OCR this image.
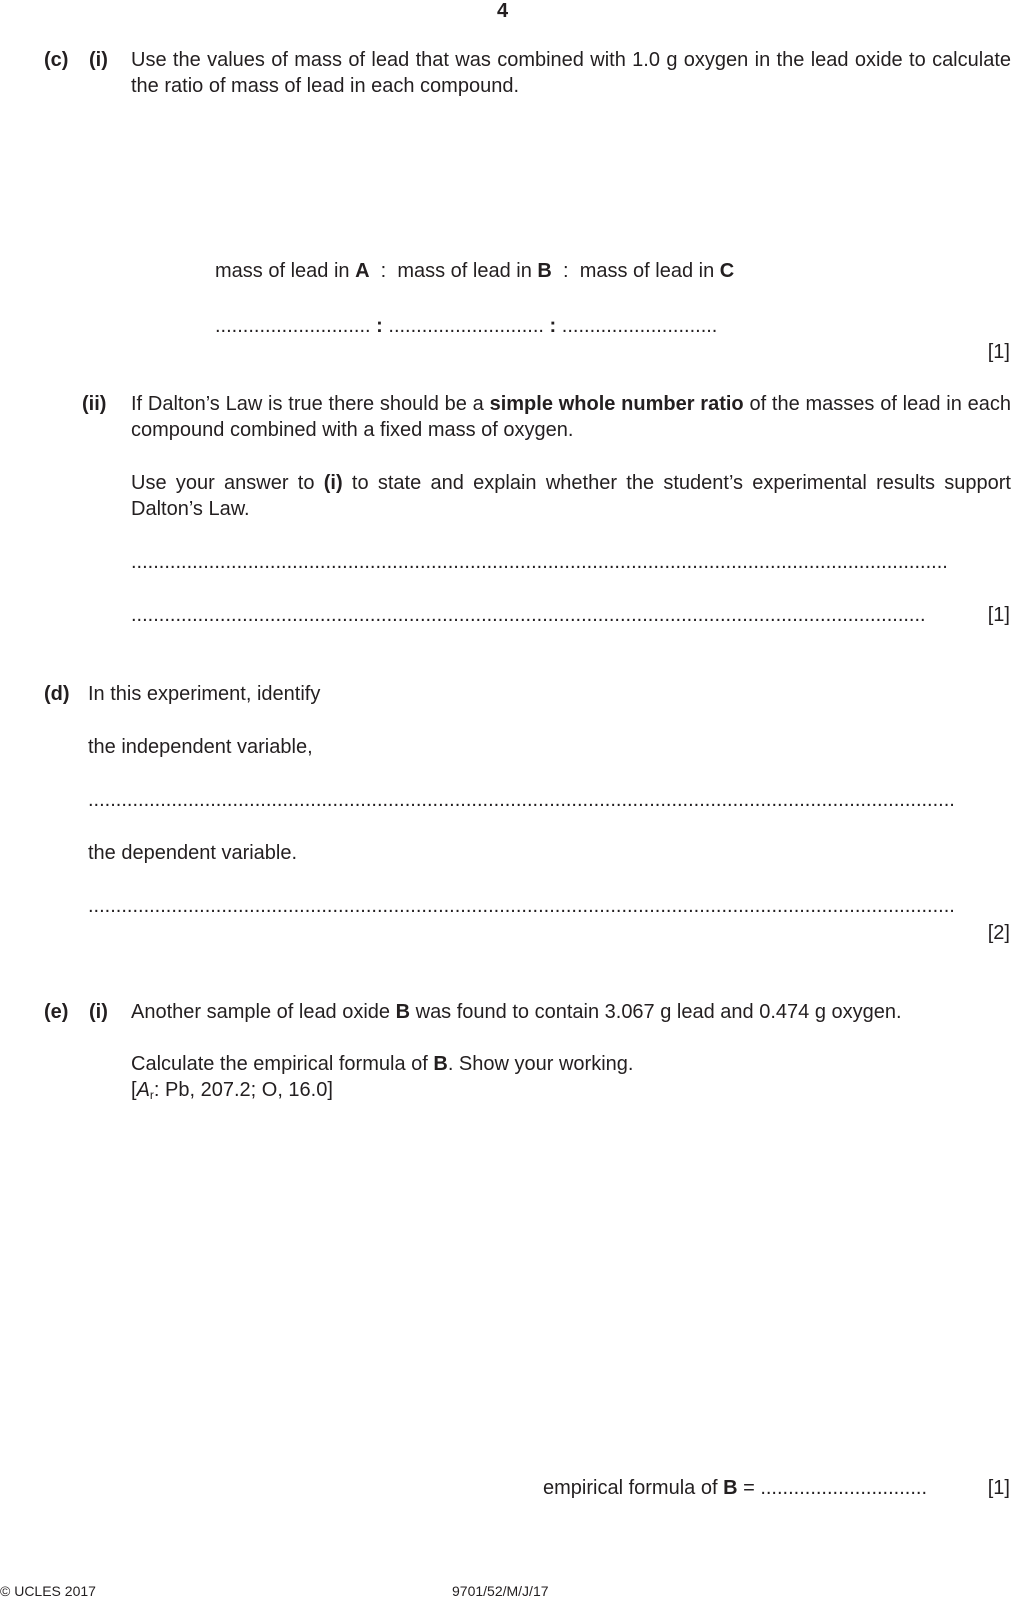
4
(c) (i) Use the values of mass of lead that was combined with 1.0 g oxygen in the lead oxide to calculate the ratio of mass of lead in each compound.
mass of lead in A : mass of lead in B : mass of lead in C
............................ : ............................ : ............................
[1]
(ii) If Dalton’s Law is true there should be a simple whole number ratio of the masses of lead in each compound combined with a fixed mass of oxygen.
Use your answer to (i) to state and explain whether the student’s experimental results support Dalton’s Law.
...................................................................................................................................................
...............................................................................................................................................	[1]
(d) In this experiment, identify
the independent variable,
............................................................................................................................................................
the dependent variable.
............................................................................................................................................................
[2]
(e) (i) Another sample of lead oxide B was found to contain 3.067 g lead and 0.474 g oxygen.
Calculate the empirical formula of B. Show your working.
[$A_r$: Pb, 207.2; O, 16.0]
empirical formula of B = ..............................	[1]
© UCLES 2017	9701/52/M/J/17
